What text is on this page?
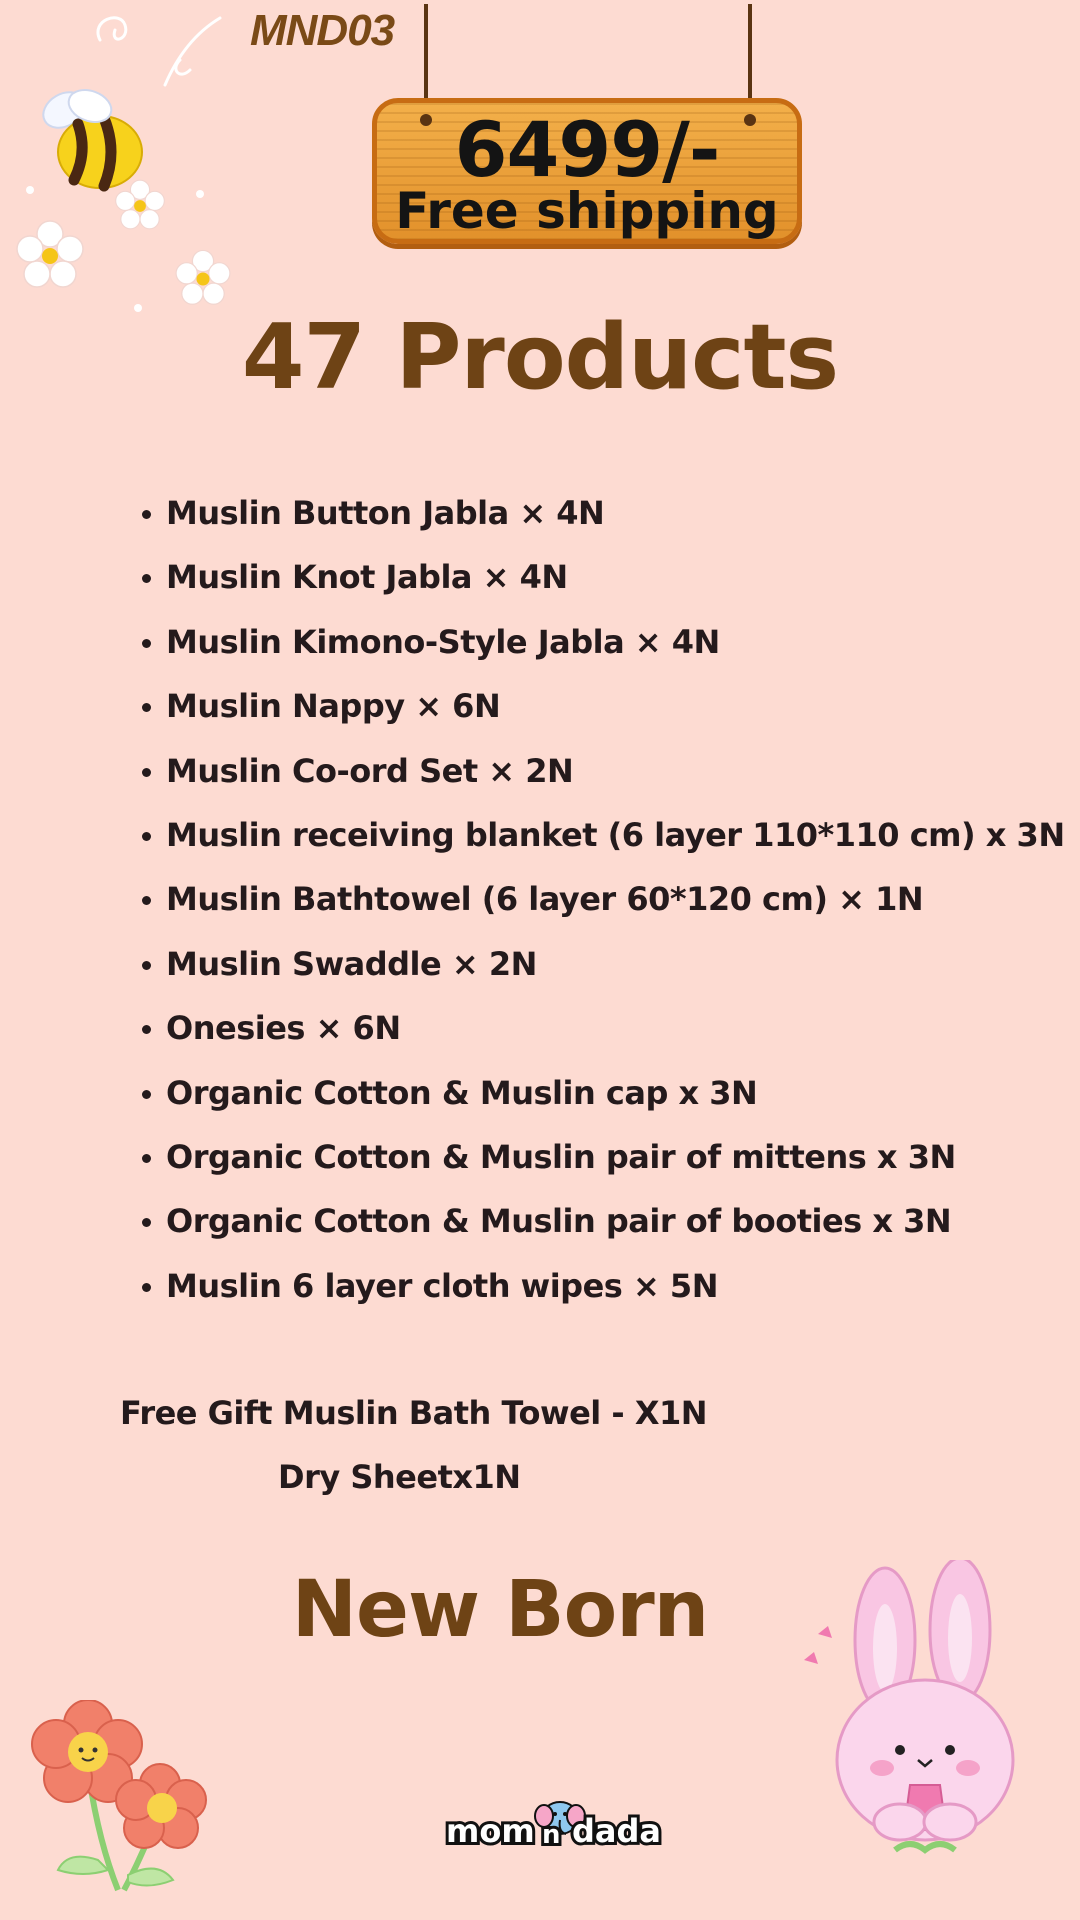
MND03
6499/-
Free shipping
47 Products
Muslin Button Jabla × 4N
Muslin Knot Jabla × 4N
Muslin Kimono-Style Jabla × 4N
Muslin Nappy × 6N
Muslin Co-ord Set × 2N
Muslin receiving blanket (6 layer 110*110 cm) x 3N
Muslin Bathtowel (6 layer 60*120 cm) × 1N
Muslin Swaddle × 2N
Onesies × 6N
Organic Cotton & Muslin cap x 3N
Organic Cotton & Muslin pair of mittens x 3N
Organic Cotton & Muslin pair of booties x 3N
Muslin 6 layer cloth wipes × 5N
Free Gift Muslin Bath Towel - X1N
Dry Sheetx1N
New Born
mom n dada
